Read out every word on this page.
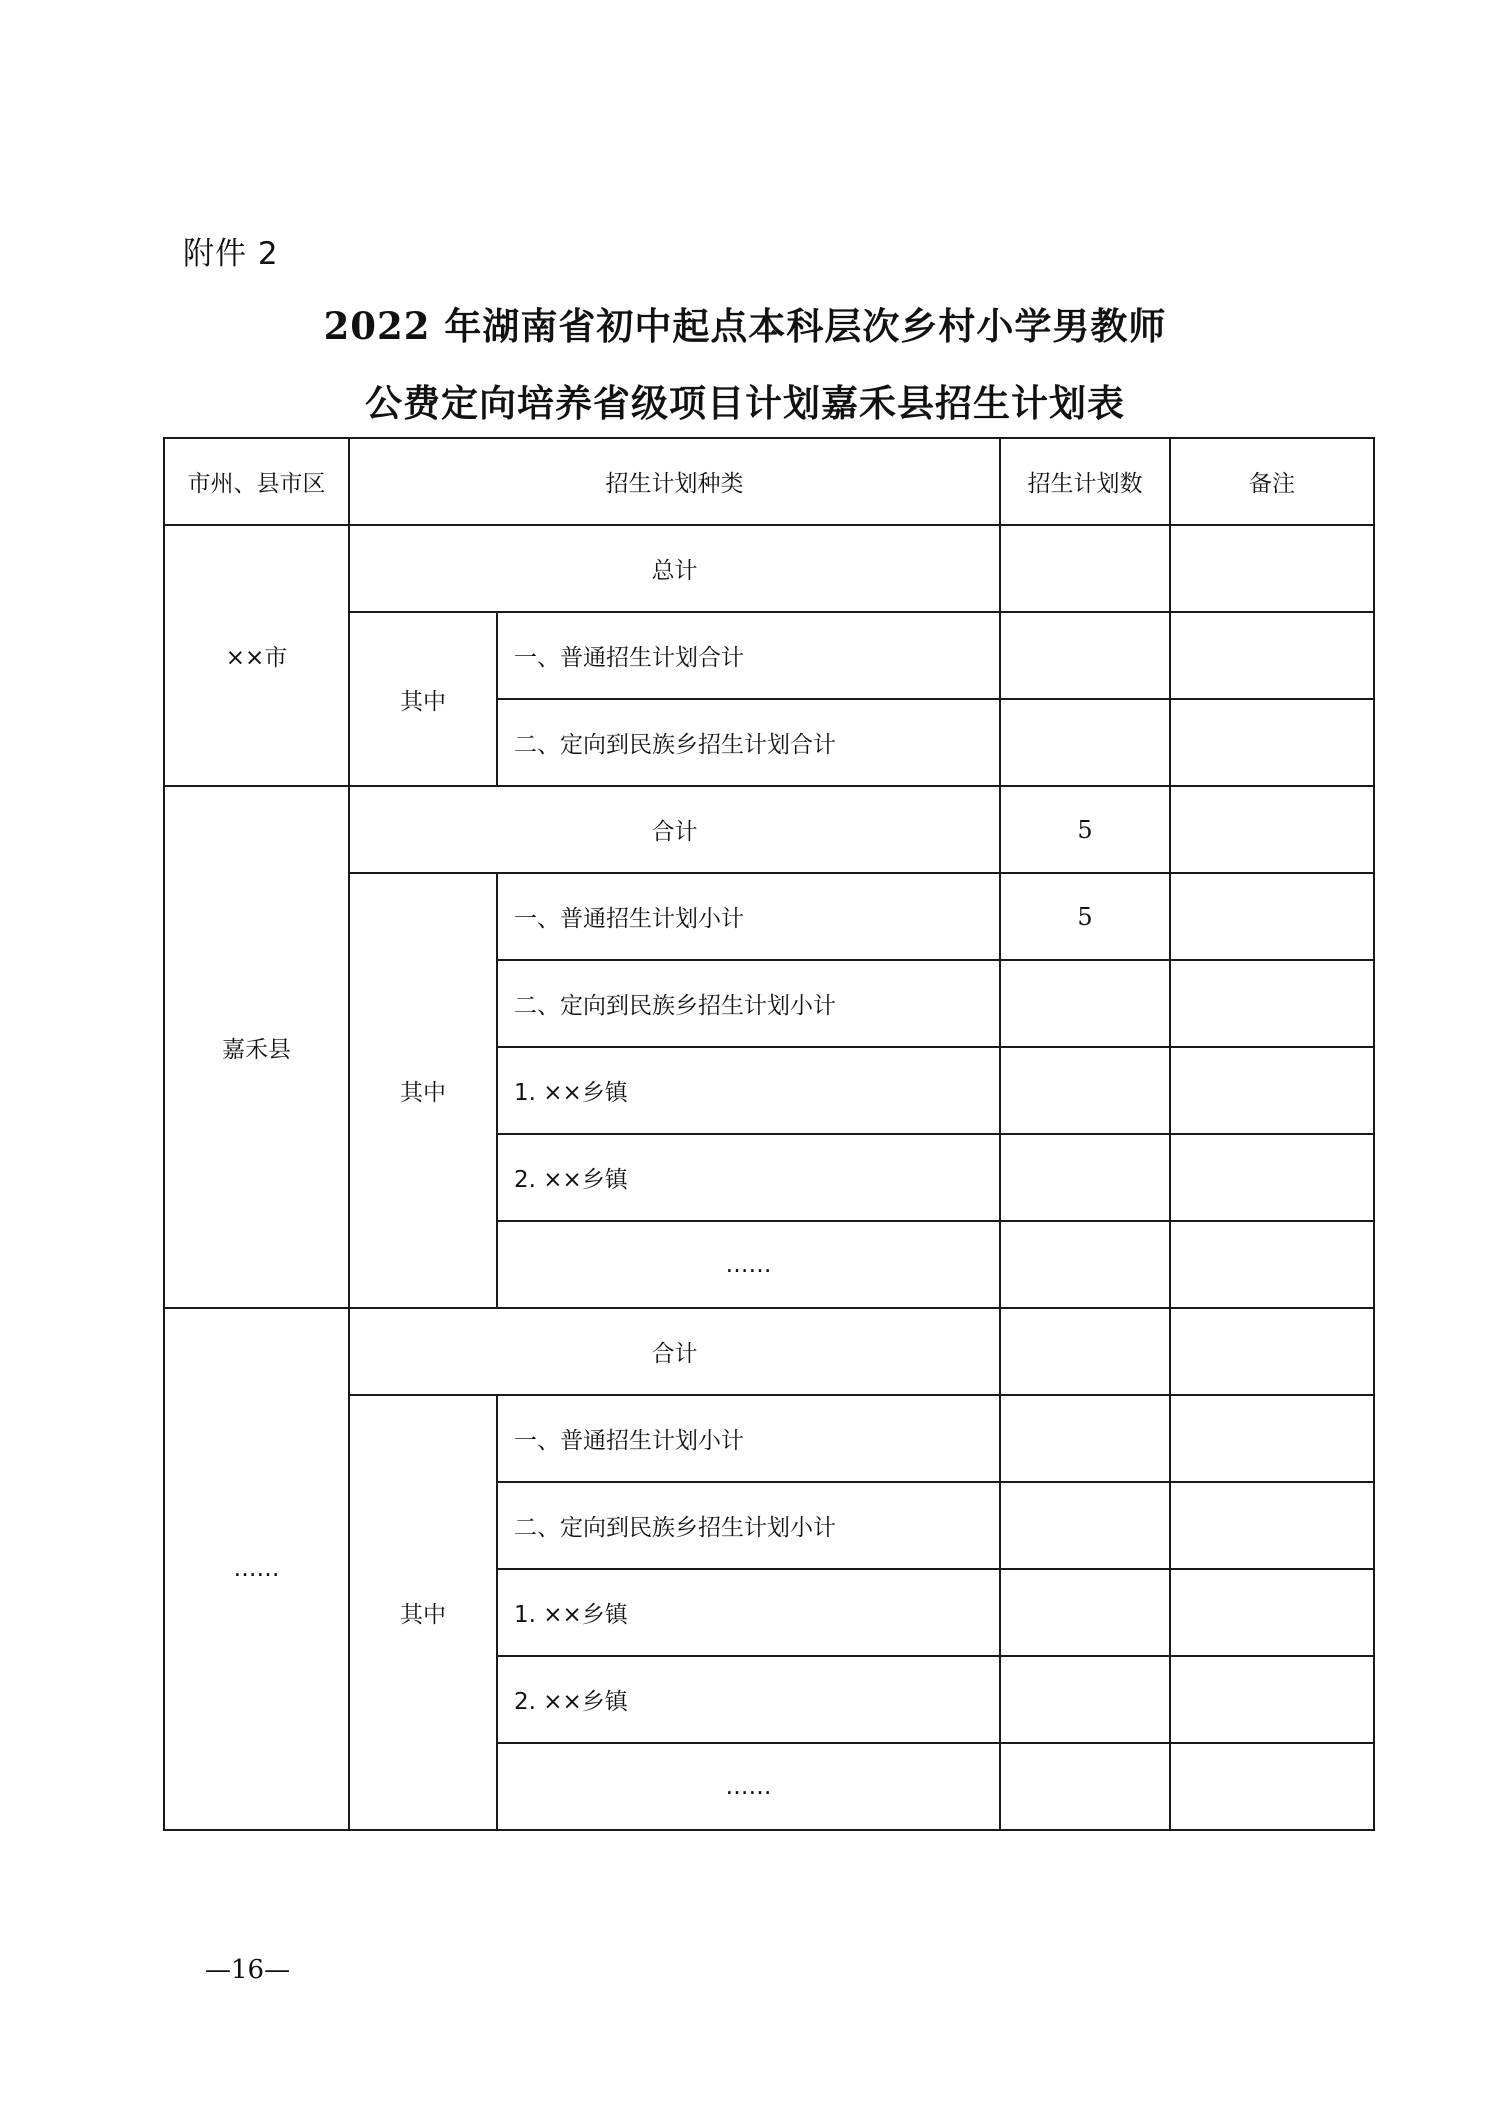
附件 2
2022 年湖南省初中起点本科层次乡村小学男教师
公费定向培养省级项目计划嘉禾县招生计划表
市州、县市区	招生计划种类		招生计划数	备注
××市	总计			
	其中	一、普通招生计划合计		
		二、定向到民族乡招生计划合计		
嘉禾县	合计		5	
	其中	一、普通招生计划小计	5	
		二、定向到民族乡招生计划小计		
		1. ××乡镇		
		2. ××乡镇		
		……		
……	合计			
	其中	一、普通招生计划小计		
		二、定向到民族乡招生计划小计		
		1. ××乡镇		
		2. ××乡镇		
		……		
—16—
